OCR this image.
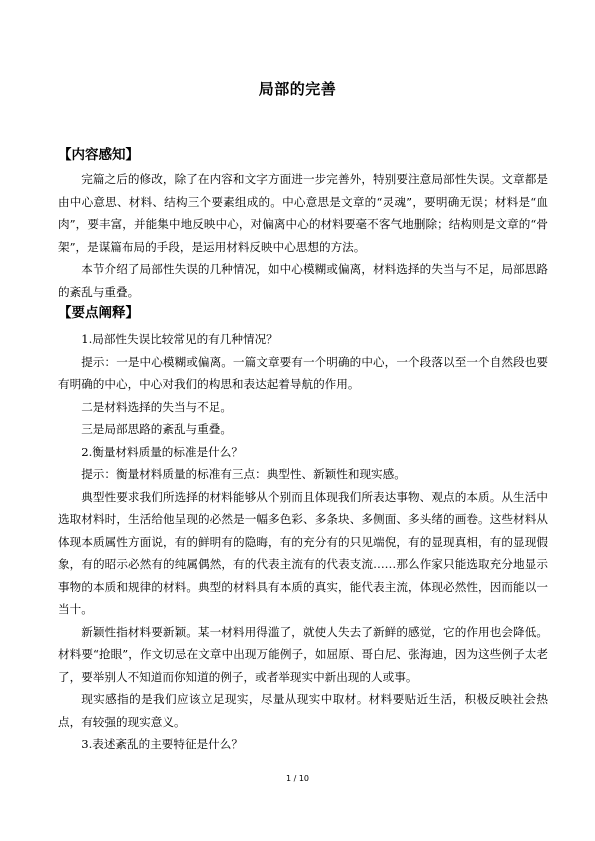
局部的完善
【内容感知】

完篇之后的修改，除了在内容和文字方面进一步完善外，特别要注意局部性失误。文章都是由中心意思、材料、结构三个要素组成的。中心意思是文章的“灵魂”，要明确无误；材料是“血肉”，要丰富，并能集中地反映中心，对偏离中心的材料要毫不客气地删除；结构则是文章的“骨架”，是谋篇布局的手段，是运用材料反映中心思想的方法。

本节介绍了局部性失误的几种情况，如中心模糊或偏离，材料选择的失当与不足，局部思路的紊乱与重叠。

【要点阐释】

1.局部性失误比较常见的有几种情况？

提示：一是中心模糊或偏离。一篇文章要有一个明确的中心，一个段落以至一个自然段也要有明确的中心，中心对我们的构思和表达起着导航的作用。

二是材料选择的失当与不足。

三是局部思路的紊乱与重叠。

2.衡量材料质量的标准是什么？

提示：衡量材料质量的标准有三点：典型性、新颖性和现实感。

典型性要求我们所选择的材料能够从个别而且体现我们所表达事物、观点的本质。从生活中选取材料时，生活给他呈现的必然是一幅多色彩、多条块、多侧面、多头绪的画卷。这些材料从体现本质属性方面说，有的鲜明有的隐晦，有的充分有的只见端倪，有的显现真相，有的显现假象，有的昭示必然有的纯属偶然，有的代表主流有的代表支流……那么作家只能选取充分地显示事物的本质和规律的材料。典型的材料具有本质的真实，能代表主流，体现必然性，因而能以一当十。

新颖性指材料要新颖。某一材料用得滥了，就使人失去了新鲜的感觉，它的作用也会降低。材料要“抢眼”，作文切忌在文章中出现万能例子，如屈原、哥白尼、张海迪，因为这些例子太老了，要举别人不知道而你知道的例子，或者举现实中新出现的人或事。

现实感指的是我们应该立足现实，尽量从现实中取材。材料要贴近生活，积极反映社会热点，有较强的现实意义。

3.表述紊乱的主要特征是什么？

1 / 10
